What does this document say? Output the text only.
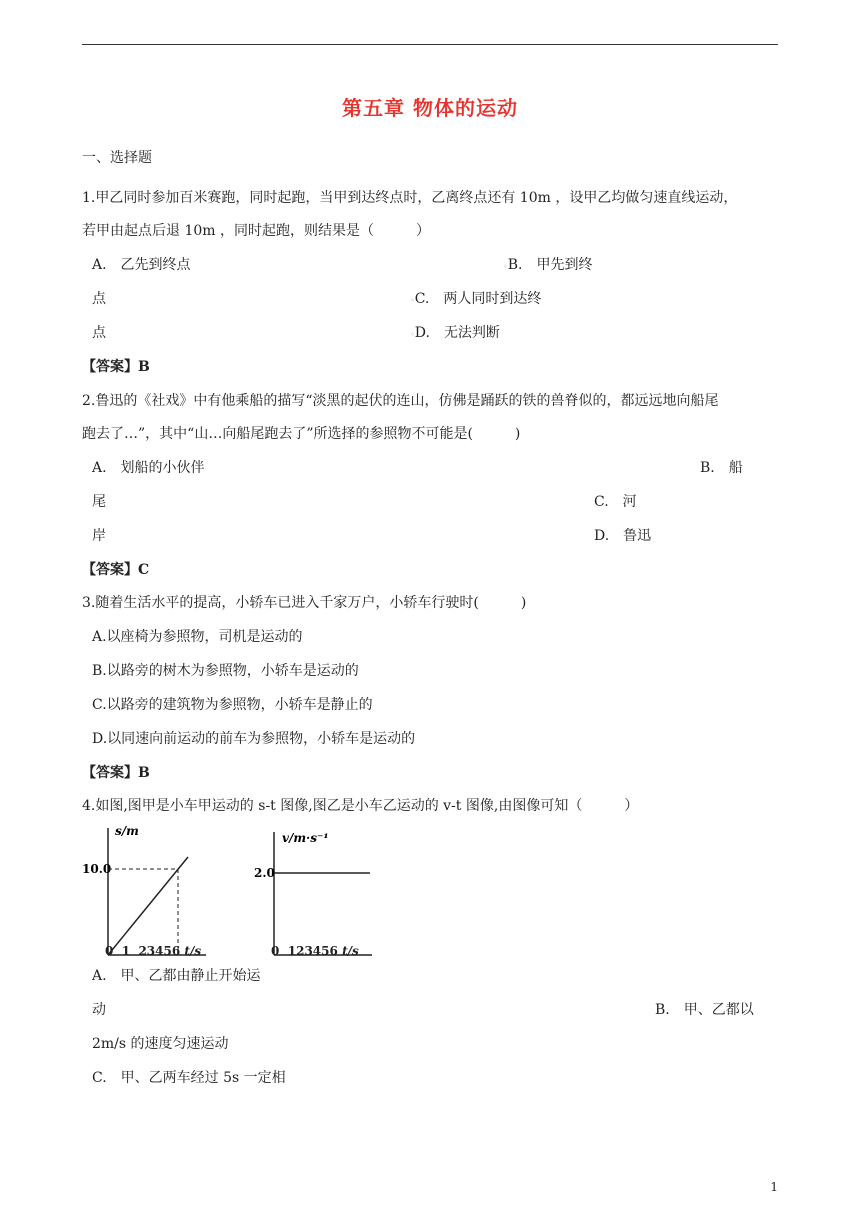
第五章 物体的运动
一、选择题
1.甲乙同时参加百米赛跑，同时起跑，当甲到达终点时，乙离终点还有 10m ，设甲乙均做匀速直线运动，
若甲由起点后退 10m ，同时起跑，则结果是（　　　）
A.　乙先到终点	◦B.　甲先到终
点	◦C.　两人同时到达终
点	◦D.　无法判断
【答案】B
2.鲁迅的《社戏》中有他乘船的描写“淡黑的起伏的连山，仿佛是踊跃的铁的兽脊似的，都远远地向船尾
跑去了…”，其中“山…向船尾跑去了”所选择的参照物不可能是(　　　)
A.　划船的小伙伴	B.　船
尾	C.　河
岸	D.　鲁迅
【答案】C
3.随着生活水平的提高，小轿车已进入千家万户，小轿车行驶时(　　　)
A.以座椅为参照物，司机是运动的
B.以路旁的树木为参照物，小轿车是运动的
C.以路旁的建筑物为参照物，小轿车是静止的
D.以同速向前运动的前车为参照物，小轿车是运动的
【答案】B
4.如图,图甲是小车甲运动的 s-t 图像,图乙是小车乙运动的 v-t 图像,由图像可知（　　　）
s/m
10.0
v/m·s⁻¹
2.0
0 1 23456 t/s	0 123456 t/s
A.　甲、乙都由静止开始运
动	B.　甲、乙都以
2m/s 的速度匀速运动
C.　甲、乙两车经过 5s 一定相
1
